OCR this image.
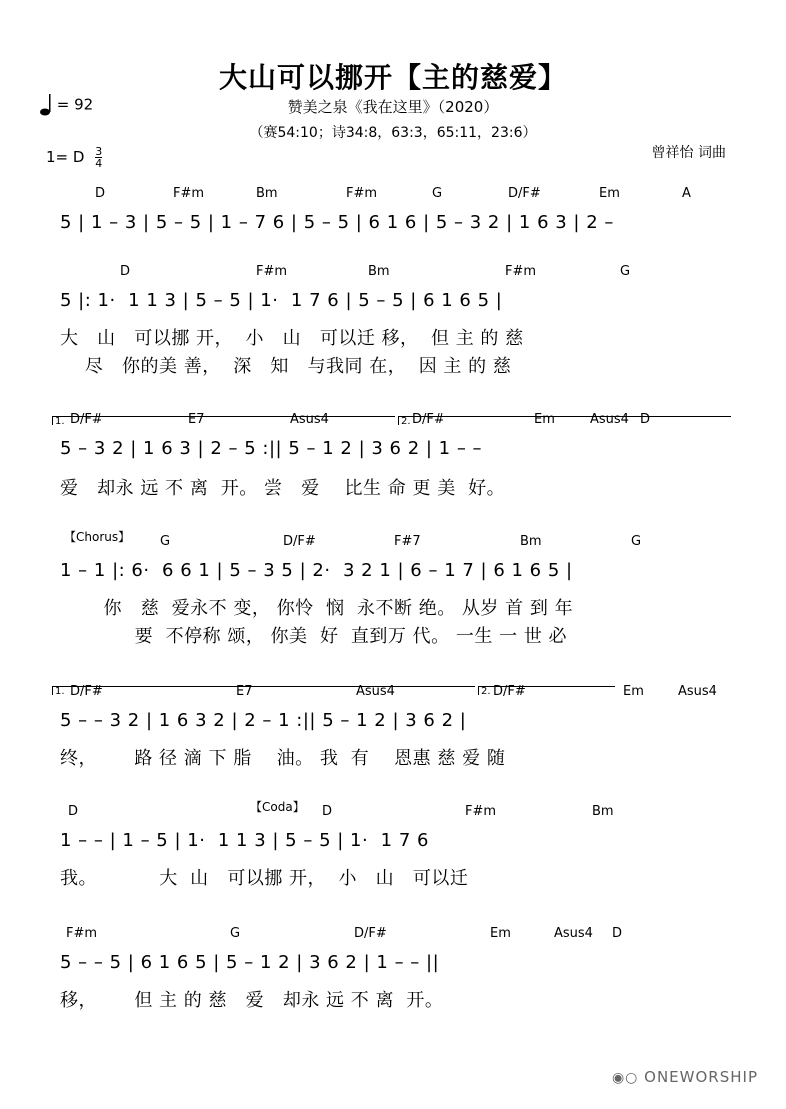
大山可以挪开【主的慈爱】
= 92	赞美之泉《我在这里》（2020）
（赛54:10；诗34:8，63:3，65:11，23:6）
1= D $\frac{3}{4}$	曾祥怡 词曲
D	F#m	Bm	F#m	G	D/F#	Em	A
5 | 1 – 3 | 5 – 5 | 1 – 7 6 | 5 – 5 | 6 1 6 | 5 – 3 2 | 1 6 3 | 2 –
D	F#m	Bm	F#m	G
5 |: 1·  1 1 3 | 5 – 5 | 1·  1 7 6 | 5 – 5 | 6 1 6 5 |
大   山   可以挪 开，  小   山   可以迁 移，  但 主 的 慈
尽   你的美 善，  深   知   与我同 在，  因 主 的 慈
1.	2.
D/F#	E7	Asus4	D/F#	Em	Asus4 D
5 – 3 2 | 1 6 3 | 2 – 5 :|| 5 – 1 2 | 3 6 2 | 1 – –
爱   却永 远 不 离  开。 尝   爱    比生 命 更 美  好。
【Chorus】 G	D/F#	F#7	Bm	G
1 – 1 |: 6·  6 6 1 | 5 – 3 5 | 2·  3 2 1 | 6 – 1 7 | 6 1 6 5 |
你   慈  爱永不 变， 你怜  悯  永不断 绝。 从岁 首 到 年
要  不停称 颂， 你美  好  直到万 代。 一生 一 世 必
1.	2.
D/F#	E7	Asus4	D/F#	Em	Asus4
5 – – 3 2 | 1 6 3 2 | 2 – 1 :|| 5 – 1 2 | 3 6 2 |
终，      路 径 滴 下 脂    油。 我  有    恩惠 慈 爱 随
【Coda】
D	D	F#m	Bm
1 – – | 1 – 5 | 1·  1 1 3 | 5 – 5 | 1·  1 7 6
我。          大  山   可以挪 开，  小   山   可以迁
F#m	G	D/F#	Em	Asus4 D
5 – – 5 | 6 1 6 5 | 5 – 1 2 | 3 6 2 | 1 – – ||
移，      但 主 的 慈   爱   却永 远 不 离  开。
◉○ ONEWORSHIP
